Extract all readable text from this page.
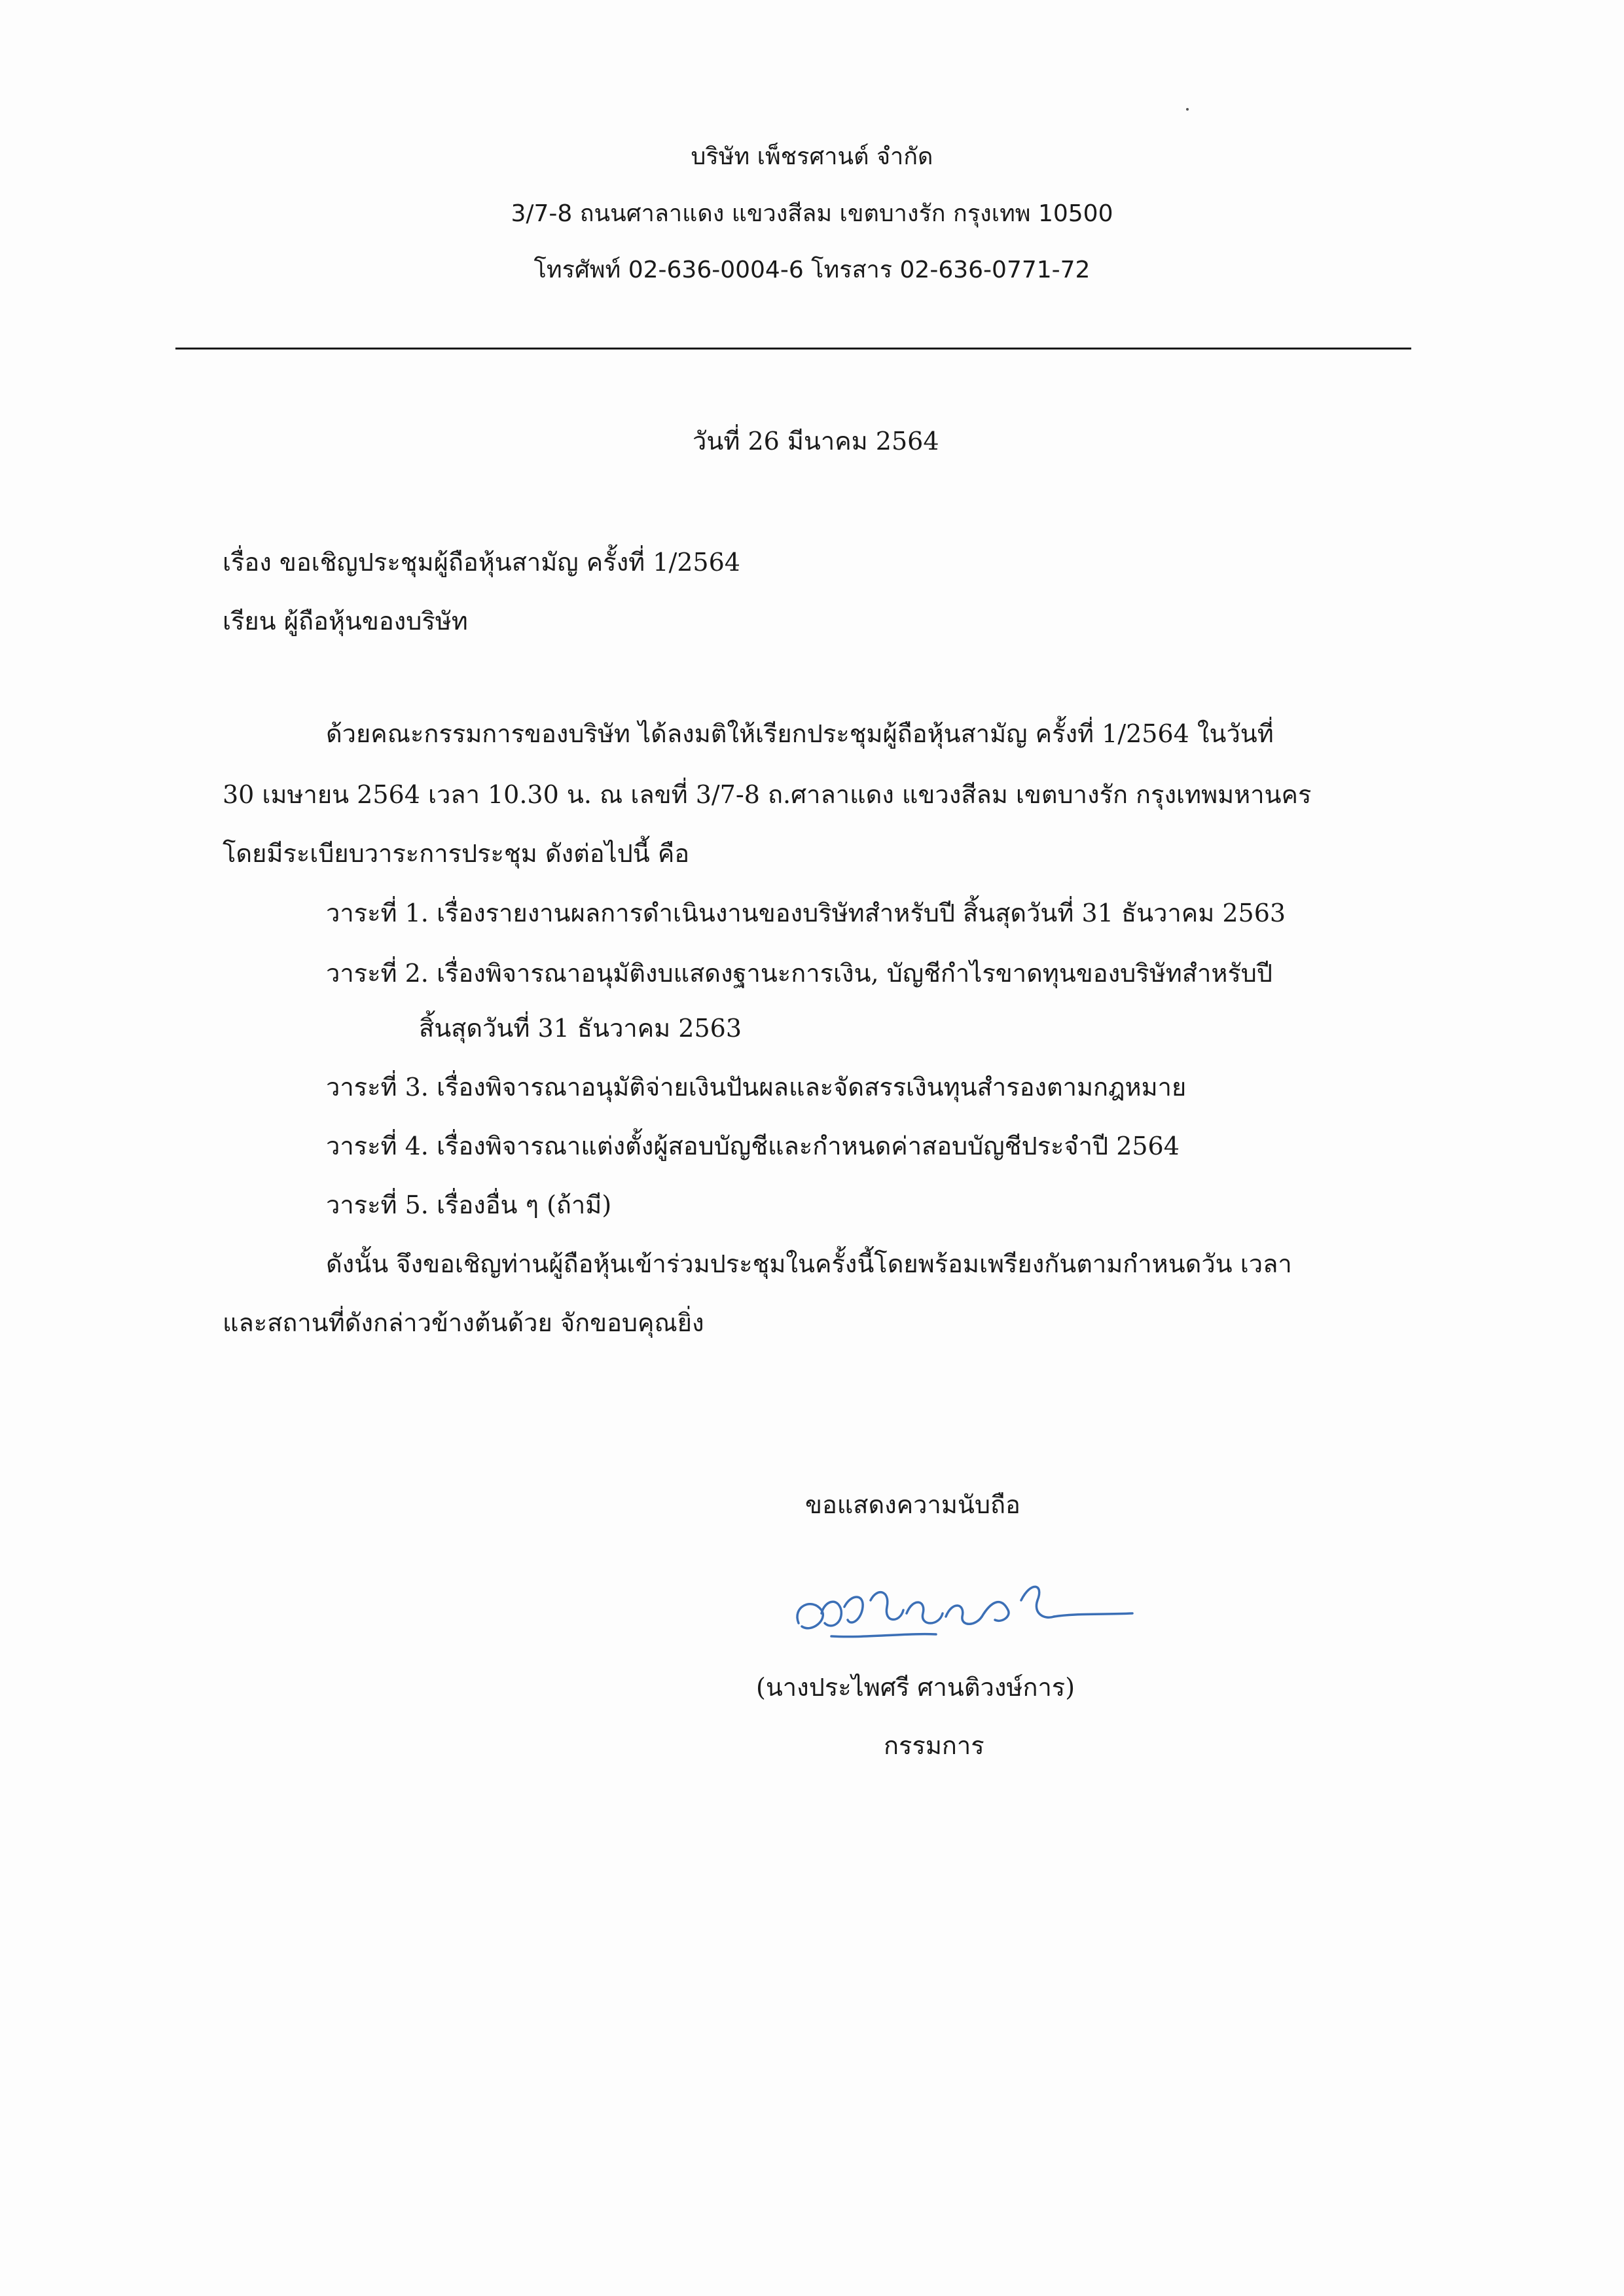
บริษัท เพ็ชรศานต์ จำกัด
3/7-8 ถนนศาลาแดง แขวงสีลม เขตบางรัก กรุงเทพ 10500
โทรศัพท์ 02-636-0004-6 โทรสาร 02-636-0771-72
วันที่ 26 มีนาคม 2564
เรื่อง ขอเชิญประชุมผู้ถือหุ้นสามัญ ครั้งที่ 1/2564
เรียน ผู้ถือหุ้นของบริษัท
ด้วยคณะกรรมการของบริษัท ได้ลงมติให้เรียกประชุมผู้ถือหุ้นสามัญ ครั้งที่ 1/2564 ในวันที่
30 เมษายน 2564 เวลา 10.30 น. ณ เลขที่ 3/7-8 ถ.ศาลาแดง แขวงสีลม เขตบางรัก กรุงเทพมหานคร
โดยมีระเบียบวาระการประชุม ดังต่อไปนี้ คือ
วาระที่ 1. เรื่องรายงานผลการดำเนินงานของบริษัทสำหรับปี สิ้นสุดวันที่ 31 ธันวาคม 2563
วาระที่ 2. เรื่องพิจารณาอนุมัติงบแสดงฐานะการเงิน, บัญชีกำไรขาดทุนของบริษัทสำหรับปี
สิ้นสุดวันที่ 31 ธันวาคม 2563
วาระที่ 3. เรื่องพิจารณาอนุมัติจ่ายเงินปันผลและจัดสรรเงินทุนสำรองตามกฎหมาย
วาระที่ 4. เรื่องพิจารณาแต่งตั้งผู้สอบบัญชีและกำหนดค่าสอบบัญชีประจำปี 2564
วาระที่ 5. เรื่องอื่น ๆ (ถ้ามี)
ดังนั้น จึงขอเชิญท่านผู้ถือหุ้นเข้าร่วมประชุมในครั้งนี้โดยพร้อมเพรียงกันตามกำหนดวัน เวลา
และสถานที่ดังกล่าวข้างต้นด้วย จักขอบคุณยิ่ง
ขอแสดงความนับถือ
(นางประไพศรี ศานติวงษ์การ)
กรรมการ
